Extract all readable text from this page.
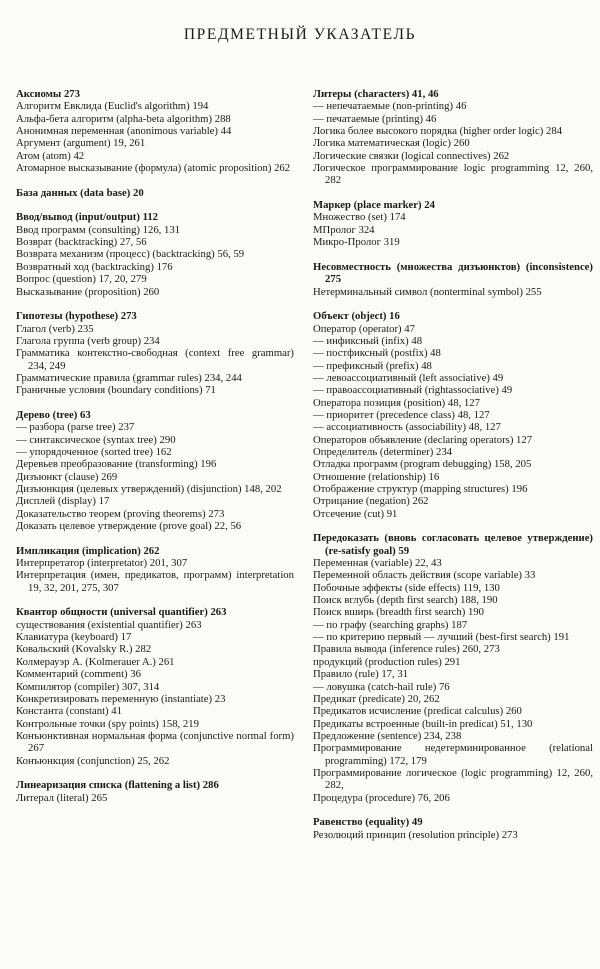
ПРЕДМЕТНЫЙ УКАЗАТЕЛЬ

Аксиомы 273

Алгоритм Евклида (Euclid's algorithm) 194

Альфа-бета алгоритм (alpha-beta algorithm) 288

Анонимная переменная (anonimous variable) 44

Аргумент (argument) 19, 261

Атом (atom) 42

Атомарное высказывание (формула) (atomic proposition) 262

База данных (data base) 20

Ввод/вывод (input/output) 112

Ввод программ (consulting) 126, 131

Возврат (backtracking) 27, 56

Возврата механизм (процесс) (backtracking) 56, 59

Возвратный ход (backtracking) 176

Вопрос (question) 17, 20, 279

Высказывание (proposition) 260

Гипотезы (hypothese) 273

Глагол (verb) 235

Глагола группа (verb group) 234

Грамматика контекстно-свободная (context free grammar) 234, 249

Грамматические правила (grammar rules) 234, 244

Граничные условия (boundary conditions) 71

Дерево (tree) 63

— разбора (parse tree) 237

— синтаксическое (syntax tree) 290

— упорядоченное (sorted tree) 162

Деревьев преобразование (transforming) 196

Дизъюнкт (clause) 269

Дизъюнкция (целевых утверждений) (disjunction) 148, 202

Дисплей (display) 17

Доказательство теорем (proving theorems) 273

Доказать целевое утверждение (prove goal) 22, 56

Импликация (implication) 262

Интерпретатор (interpretator) 201, 307

Интерпретация (имен, предикатов, программ) interpretation 19, 32, 201, 275, 307

Квантор общности (universal quantifier) 263

существования (existential quantifier) 263

Клавиатура (keyboard) 17

Ковальский (Kovalsky R.) 282

Колмерауэр А. (Kolmerauer A.) 261

Комментарий (comment) 36

Компилятор (compiler) 307, 314

Конкретизировать переменную (instantiate) 23

Константа (constant) 41

Контрольные точки (spy points) 158, 219

Конъюнктивная нормальная форма (conjunctive normal form) 267

Конъюнкция (conjunction) 25, 262

Линеаризация списка (flattening a list) 286

Литерал (literal) 265

Литеры (characters) 41, 46

— непечатаемые (non-printing) 46

— печатаемые (printing) 46

Логика более высокого порядка (higher order logic) 284

Логика математическая (logic) 260

Логические связки (logical connectives) 262

Логическое программирование logic programming 12, 260, 282

Маркер (place marker) 24

Множество (set) 174

МПролог 324

Микро-Пролог 319

Несовместность (множества дизъюнктов) (inconsistence) 275

Нетерминальный символ (nonterminal symbol) 255

Объект (object) 16

Оператор (operator) 47

— инфиксный (infix) 48

— постфиксный (postfix) 48

— префиксный (prefix) 48

— левоассоциативный (left associative) 49

— правоассоциативный (rightassociative) 49

Оператора позиция (position) 48, 127

— приоритет (precedence class) 48, 127

— ассоциативность (associability) 48, 127

Операторов объявление (declaring operators) 127

Определитель (determiner) 234

Отладка программ (program debugging) 158, 205

Отношение (relationship) 16

Отображение структур (mapping structures) 196

Отрицание (negation) 262

Отсечение (cut) 91

Передоказать (вновь согласовать целевое утверждение) (re-satisfy goal) 59

Переменная (variable) 22, 43

Переменной область действия (scope variable) 33

Побочные эффекты (side effects) 119, 130

Поиск вглубь (depth first search) 188, 190

Поиск вширь (breadth first search) 190

— по графу (searching graphs) 187

— по критерию первый — лучший (best-first search) 191

Правила вывода (inference rules) 260, 273

продукций (production rules) 291

Правило (rule) 17, 31

— ловушка (catch-hail rule) 76

Предикат (predicate) 20, 262

Предикатов исчисление (predicat calculus) 260

Предикаты встроенные (built-in predicat) 51, 130

Предложение (sentence) 234, 238

Программирование недетерминированное (relational programming) 172, 179

Программирование логическое (logic programming) 12, 260, 282,

Процедура (procedure) 76, 206

Равенство (equality) 49

Резолюций принцип (resolution principle) 273
